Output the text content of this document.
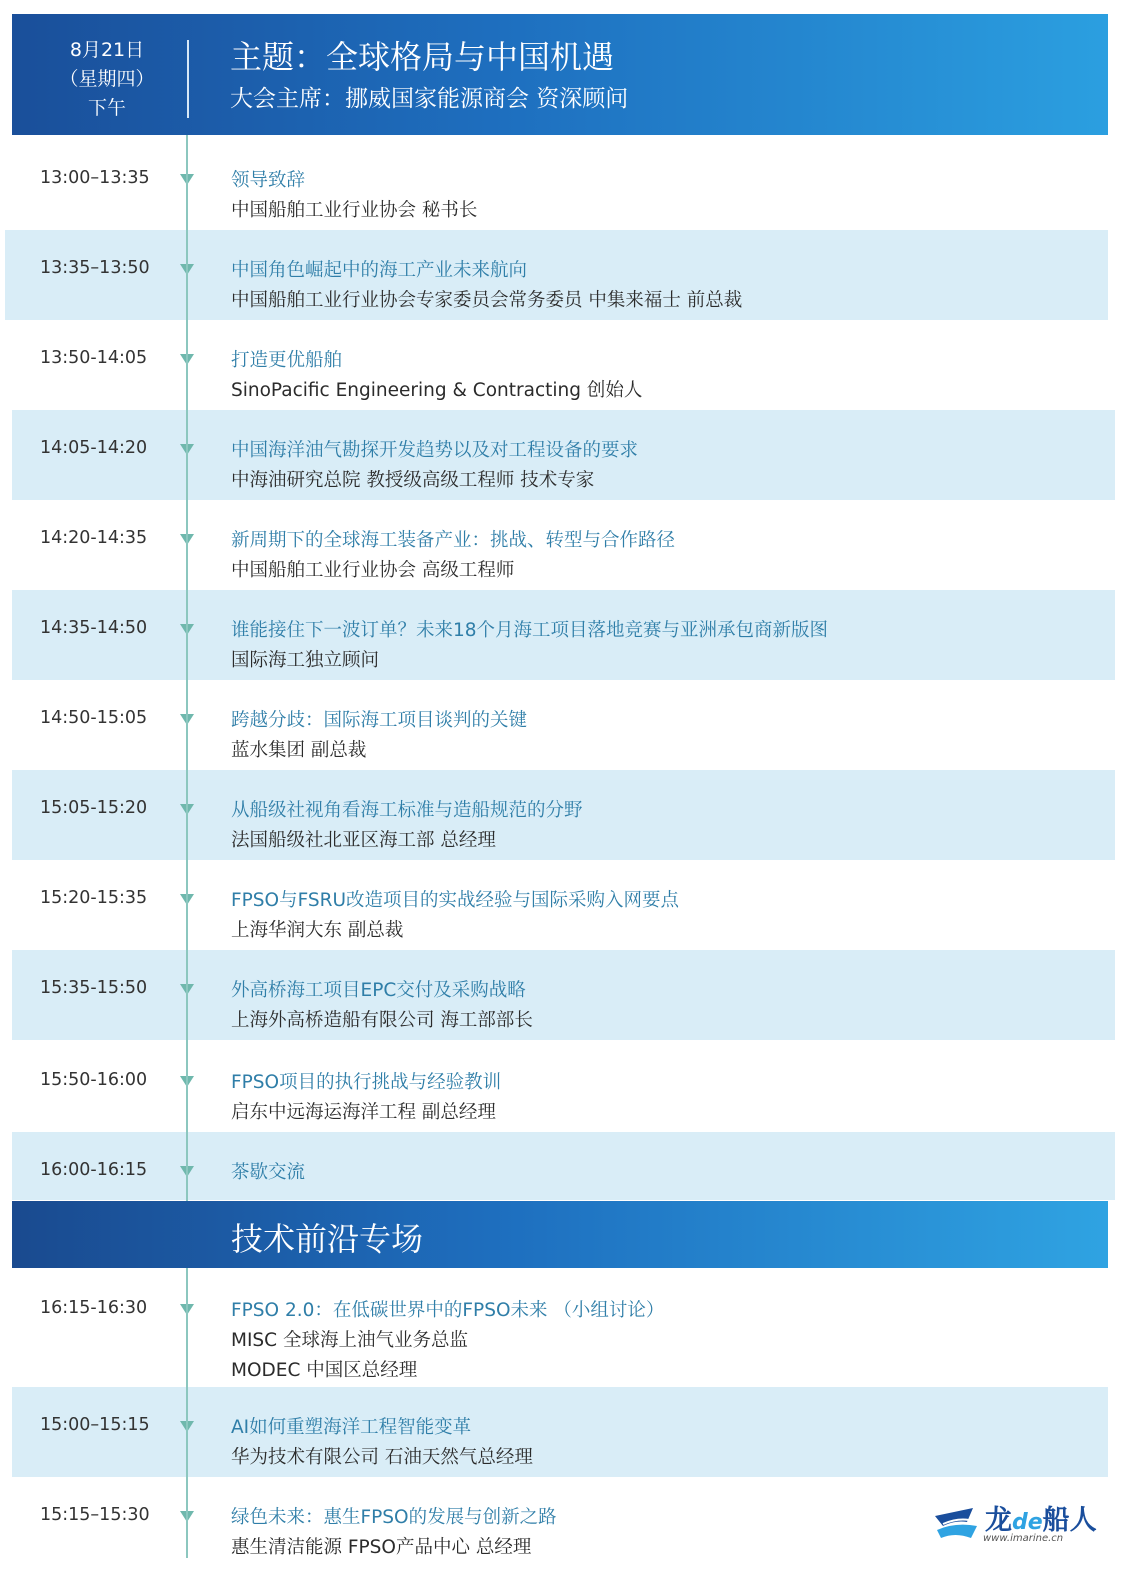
8月21日
（星期四）
下午
主题：全球格局与中国机遇
大会主席：挪威国家能源商会 资深顾问
13:00–13:35	领导致辞
中国船舶工业行业协会 秘书长
13:35–13:50	中国角色崛起中的海工产业未来航向
中国船舶工业行业协会专家委员会常务委员 中集来福士 前总裁
13:50-14:05	打造更优船舶
SinoPacific Engineering & Contracting 创始人
14:05-14:20	中国海洋油气勘探开发趋势以及对工程设备的要求
中海油研究总院 教授级高级工程师 技术专家
14:20-14:35	新周期下的全球海工装备产业：挑战、转型与合作路径
中国船舶工业行业协会 高级工程师
14:35-14:50	谁能接住下一波订单？未来18个月海工项目落地竞赛与亚洲承包商新版图
国际海工独立顾问
14:50-15:05	跨越分歧：国际海工项目谈判的关键
蓝水集团 副总裁
15:05-15:20	从船级社视角看海工标准与造船规范的分野
法国船级社北亚区海工部 总经理
15:20-15:35	FPSO与FSRU改造项目的实战经验与国际采购入网要点
上海华润大东 副总裁
15:35-15:50	外高桥海工项目EPC交付及采购战略
上海外高桥造船有限公司 海工部部长
15:50-16:00	FPSO项目的执行挑战与经验教训
启东中远海运海洋工程 副总经理
16:00-16:15	茶歇交流
技术前沿专场
16:15-16:30	FPSO 2.0：在低碳世界中的FPSO未来 （小组讨论）
MISC 全球海上油气业务总监
MODEC 中国区总经理
15:00–15:15	AI如何重塑海洋工程智能变革
华为技术有限公司 石油天然气总经理
15:15–15:30	绿色未来：惠生FPSO的发展与创新之路
惠生清洁能源 FPSO产品中心 总经理
龙de船人
www.imarine.cn
